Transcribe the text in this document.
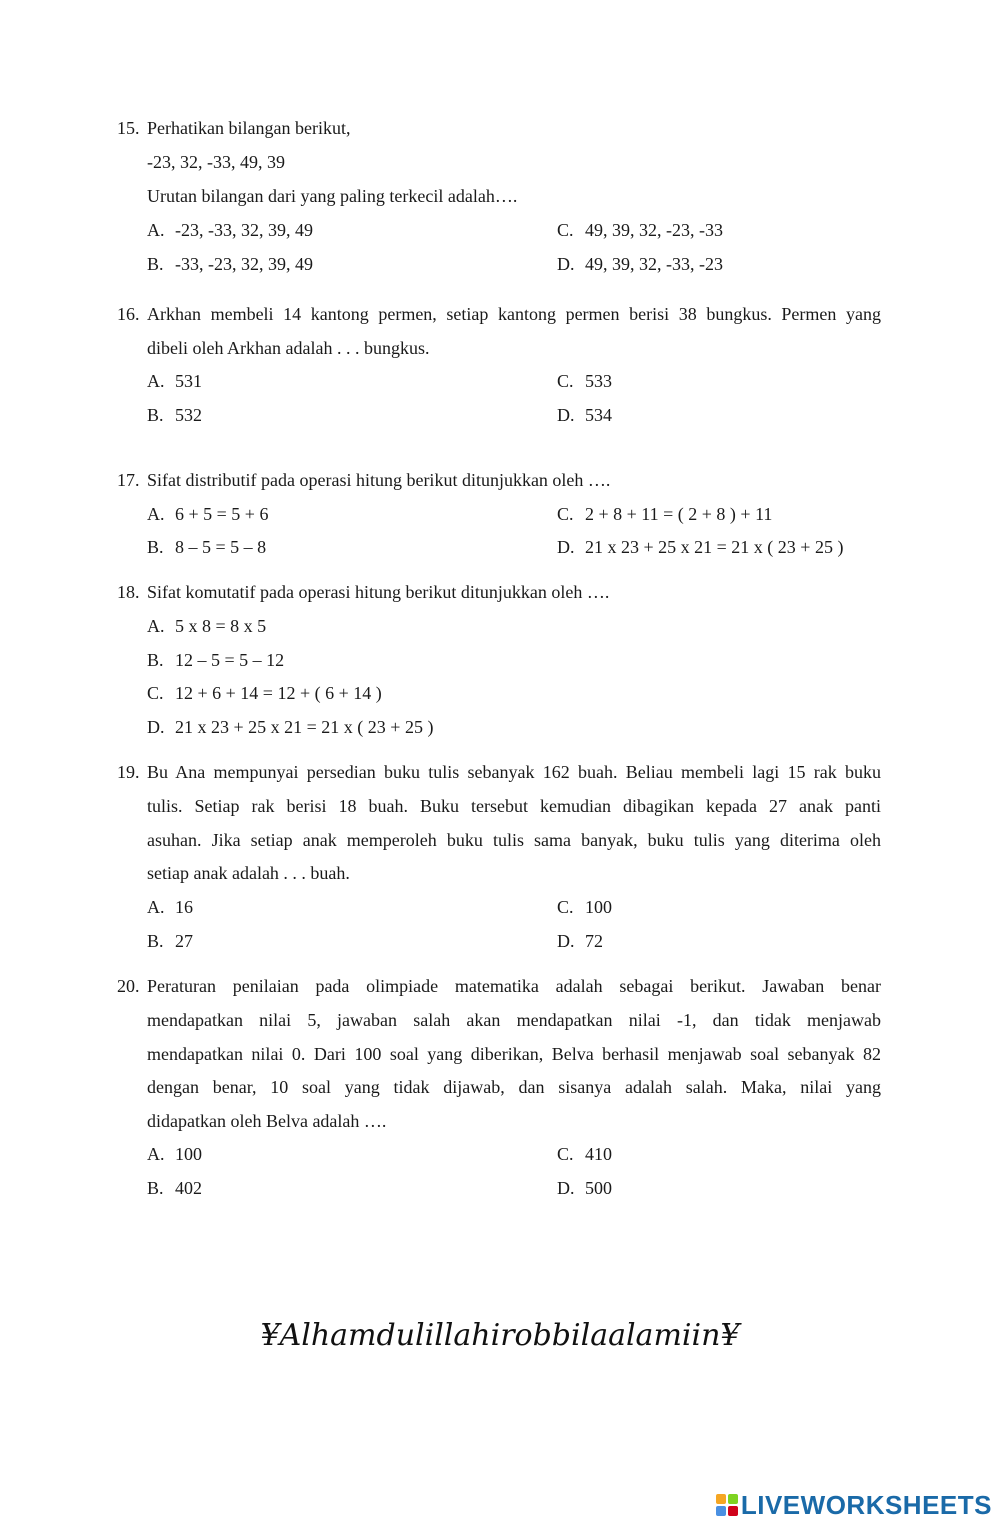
15. Perhatikan bilangan berikut,
-23, 32, -33, 49, 39
Urutan bilangan dari yang paling terkecil adalah….
A. -23, -33, 32, 39, 49
B. -33, -23, 32, 39, 49
C. 49, 39, 32, -23, -33
D. 49, 39, 32, -33, -23
16. Arkhan membeli 14 kantong permen, setiap kantong permen berisi 38 bungkus. Permen yang
dibeli oleh Arkhan adalah . . . bungkus.
A. 531
B. 532
C. 533
D. 534
17. Sifat distributif pada operasi hitung berikut ditunjukkan oleh ….
A. 6 + 5 = 5 + 6
B. 8 – 5 = 5 – 8
C. 2 + 8 + 11 = ( 2 + 8 ) + 11
D. 21 x 23 + 25 x 21 = 21 x ( 23 + 25 )
18. Sifat komutatif pada operasi hitung berikut ditunjukkan oleh ….
A. 5 x 8 = 8 x 5
B. 12 – 5 = 5 – 12
C. 12 + 6 + 14 = 12 + ( 6 + 14 )
D. 21 x 23 + 25 x 21 = 21 x ( 23 + 25 )
19. Bu Ana mempunyai persedian buku tulis sebanyak 162 buah. Beliau membeli lagi 15 rak buku
tulis. Setiap rak berisi 18 buah. Buku tersebut kemudian dibagikan kepada 27 anak panti
asuhan. Jika setiap anak memperoleh buku tulis sama banyak, buku tulis yang diterima oleh
setiap anak adalah . . . buah.
A. 16
B. 27
C. 100
D. 72
20. Peraturan penilaian pada olimpiade matematika adalah sebagai berikut. Jawaban benar
mendapatkan nilai 5, jawaban salah akan mendapatkan nilai -1, dan tidak menjawab
mendapatkan nilai 0. Dari 100 soal yang diberikan, Belva berhasil menjawab soal sebanyak 82
dengan benar, 10 soal yang tidak dijawab, dan sisanya adalah salah. Maka, nilai yang
didapatkan oleh Belva adalah ….
A. 100
B. 402
C. 410
D. 500
¥Alhamdulillahirobbilaalamiin¥
LIVEWORKSHEETS
